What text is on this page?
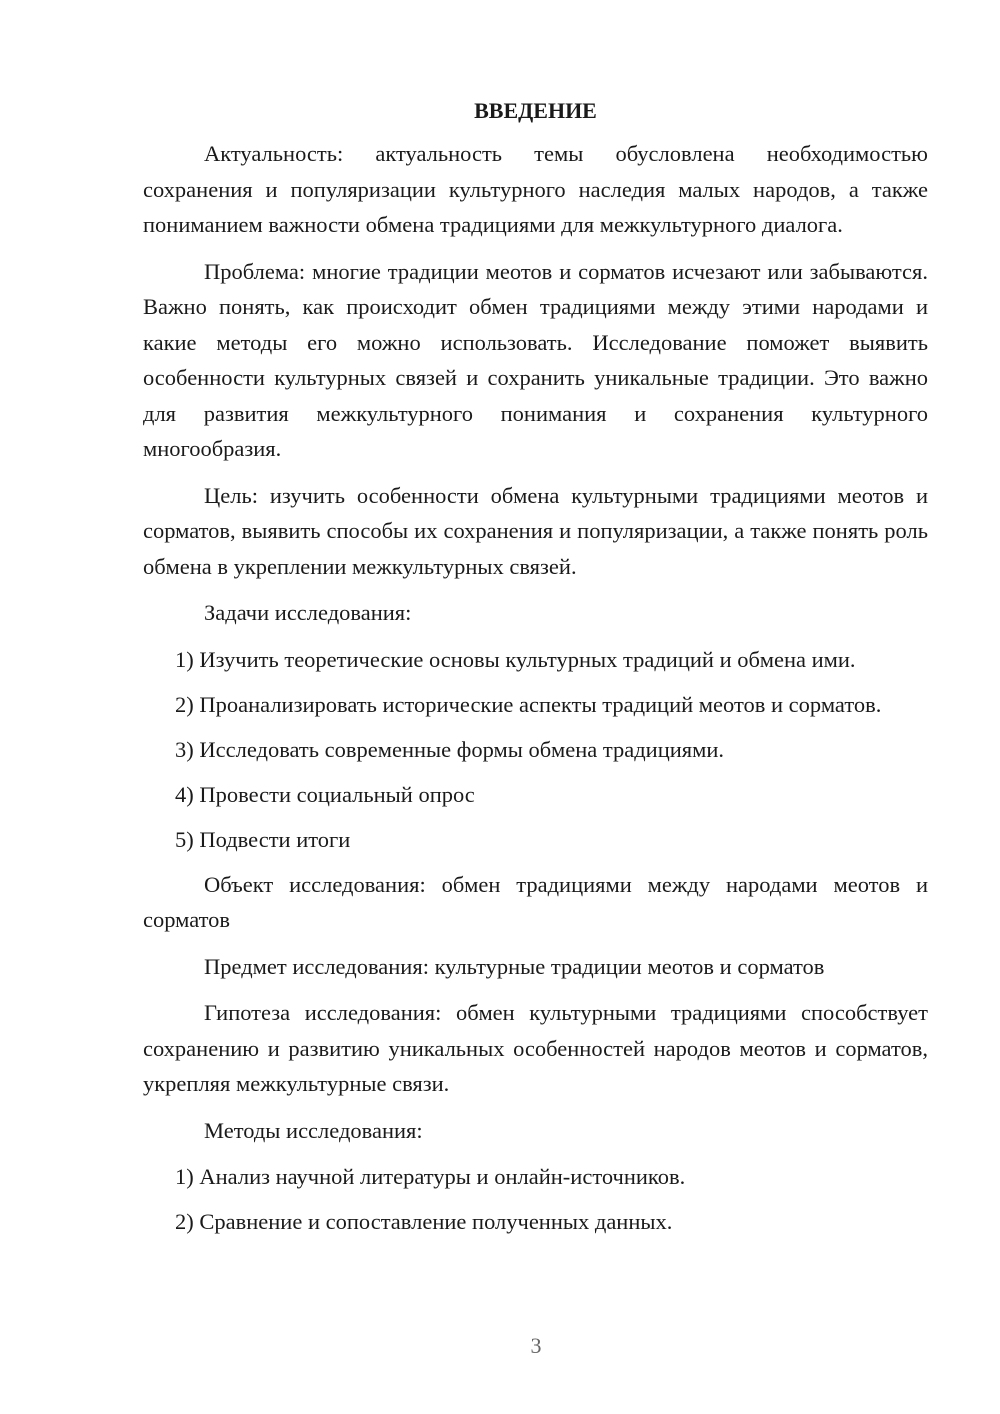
ВВЕДЕНИЕ

Актуальность: актуальность темы обусловлена необходимостью сохранения и популяризации культурного наследия малых народов, а также пониманием важности обмена традициями для межкультурного диалога.

Проблема: многие традиции меотов и сорматов исчезают или забываются. Важно понять, как происходит обмен традициями между этими народами и какие методы его можно использовать. Исследование поможет выявить особенности культурных связей и сохранить уникальные традиции. Это важно для развития межкультурного понимания и сохранения культурного многообразия.

Цель: изучить особенности обмена культурными традициями меотов и сорматов, выявить способы их сохранения и популяризации, а также понять роль обмена в укреплении межкультурных связей.

Задачи исследования:

1) Изучить теоретические основы культурных традиций и обмена ими.

2) Проанализировать исторические аспекты традиций меотов и сорматов.

3) Исследовать современные формы обмена традициями.

4) Провести социальный опрос

5) Подвести итоги

Объект исследования: обмен традициями между народами меотов и сорматов

Предмет исследования: культурные традиции меотов и сорматов

Гипотеза исследования: обмен культурными традициями способствует сохранению и развитию уникальных особенностей народов меотов и сорматов, укрепляя межкультурные связи.

Методы исследования:

1) Анализ научной литературы и онлайн-источников.

2) Сравнение и сопоставление полученных данных.

3
